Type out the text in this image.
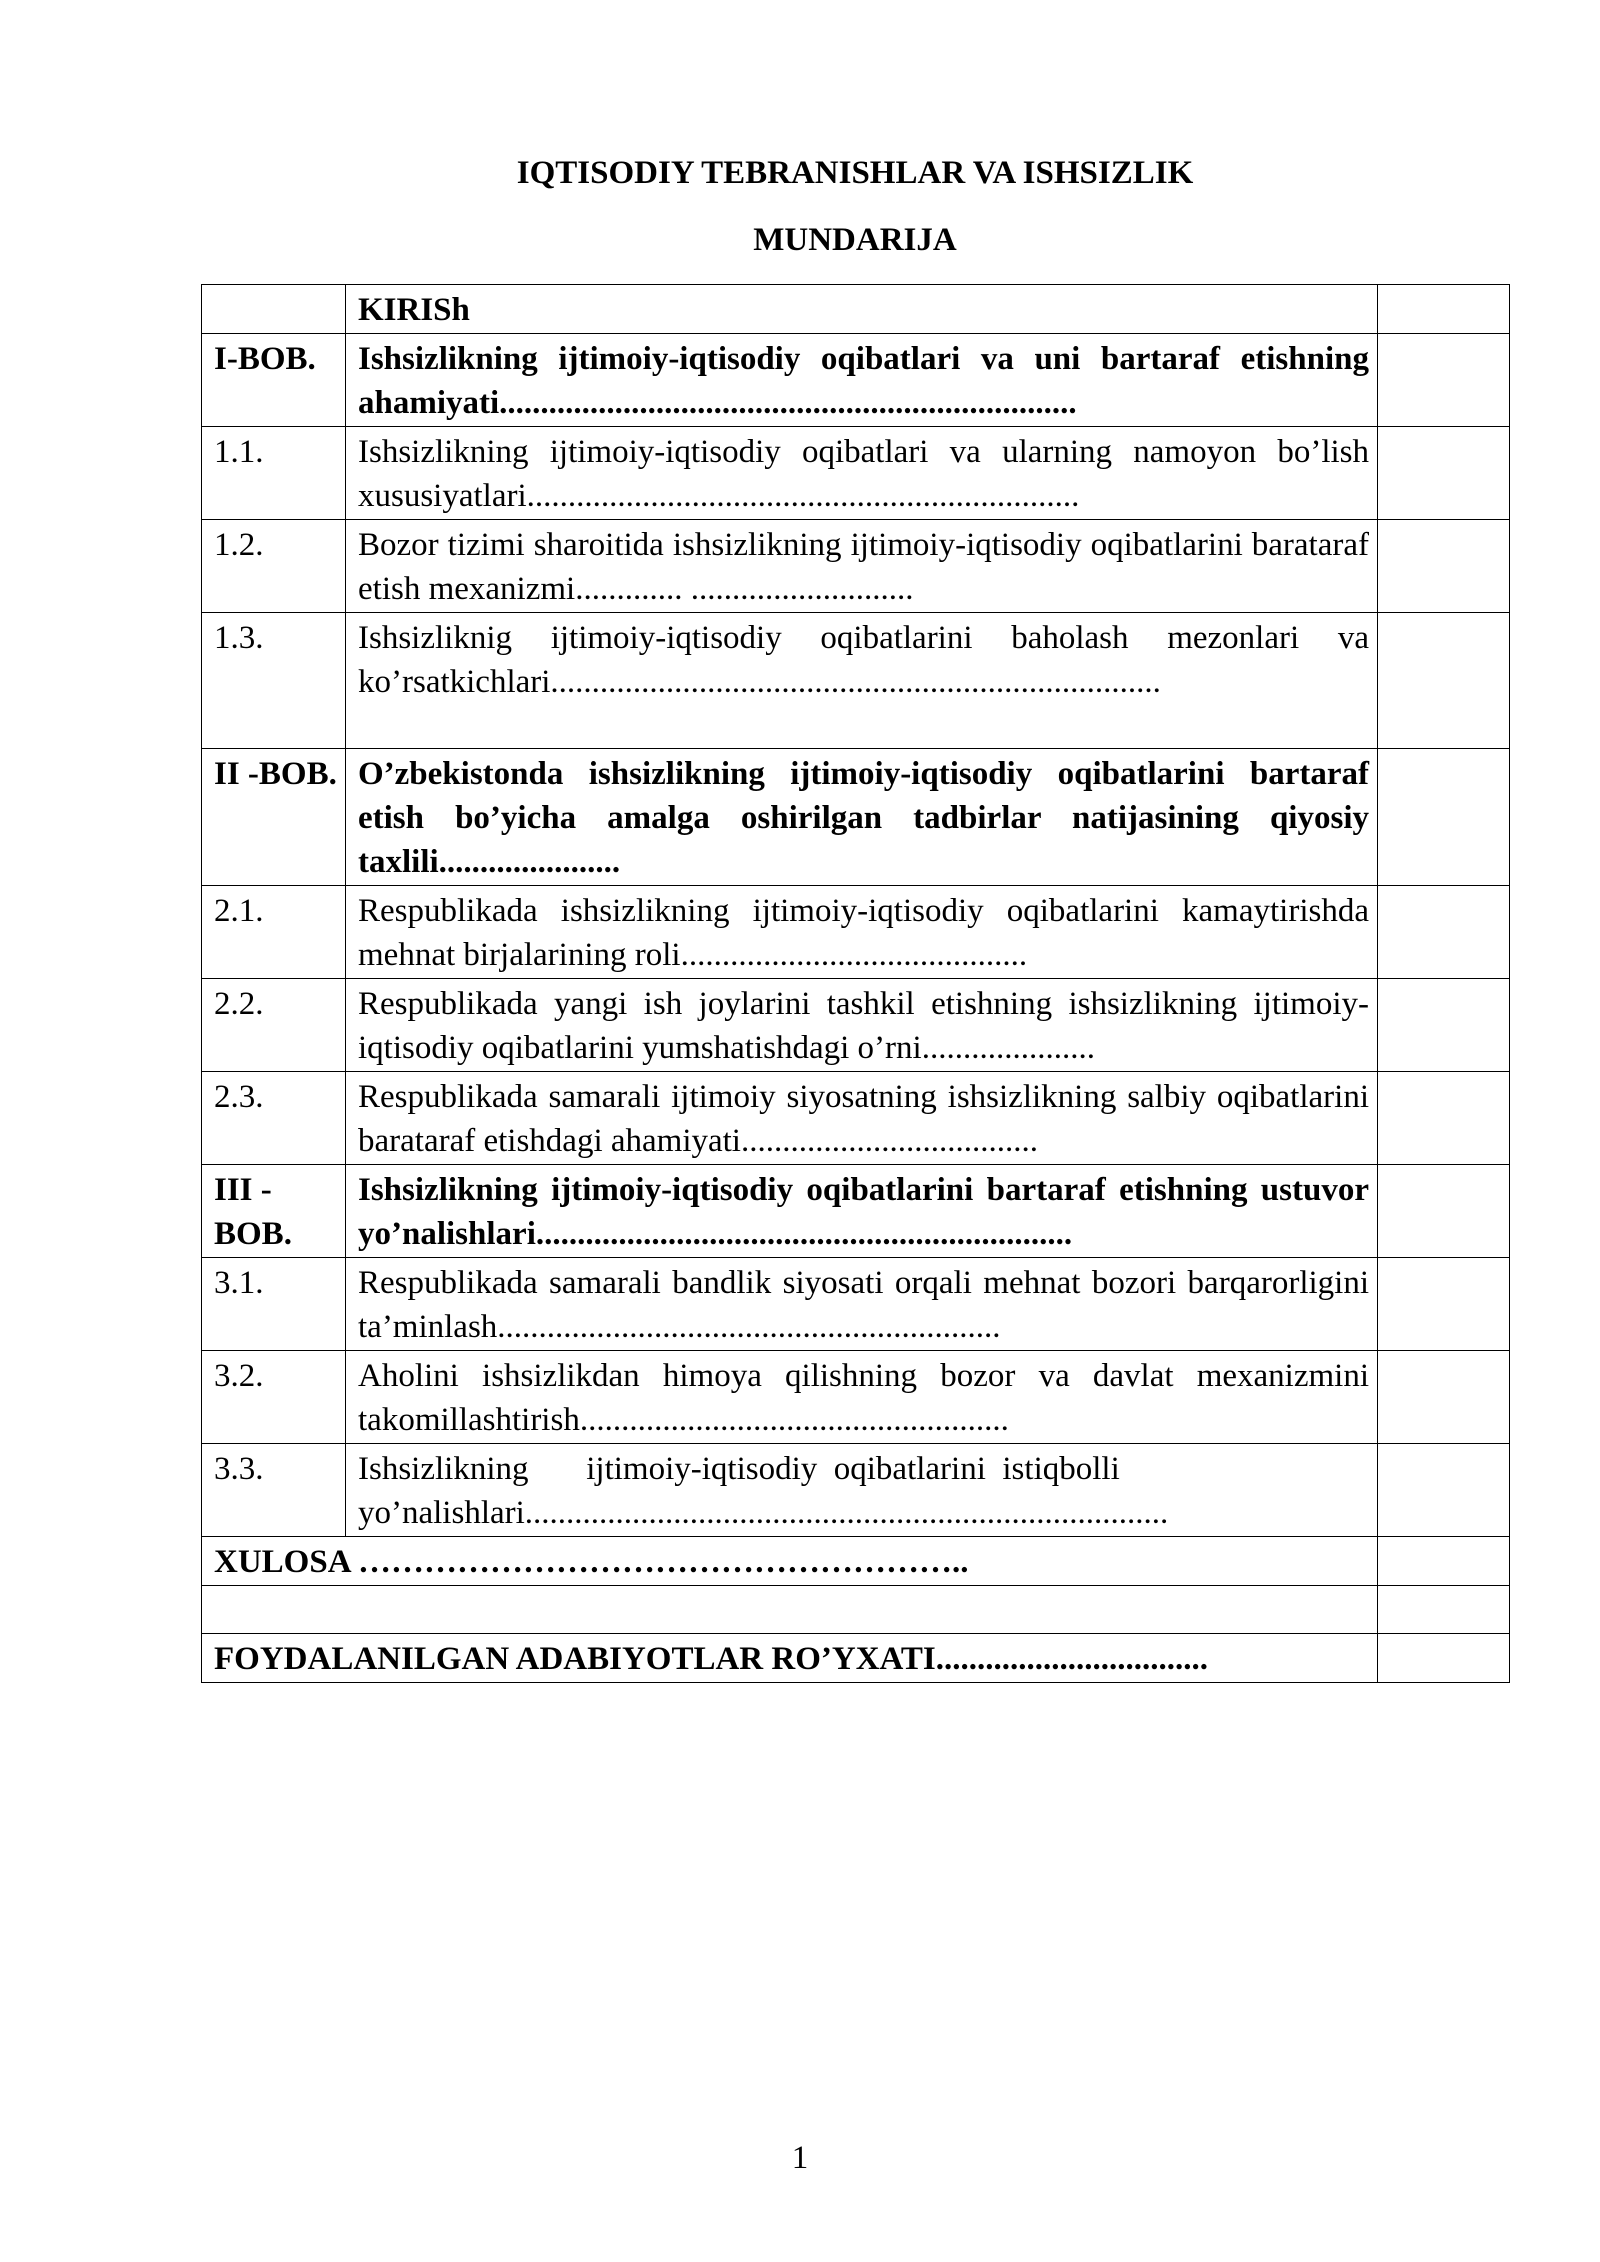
IQTISODIY TEBRANISHLAR VA ISHSIZLIK
MUNDARIJA
	KIRISh	
I-BOB.	Ishsizlikning ijtimoiy-iqtisodiy oqibatlari va uni bartaraf etishning ahamiyati......................................................................	
1.1.	Ishsizlikning ijtimoiy-iqtisodiy oqibatlari va ularning namoyon bo’lish xususiyatlari...................................................................	
1.2.	Bozor tizimi sharoitida ishsizlikning ijtimoiy-iqtisodiy oqibatlarini barataraf etish mexanizmi............. ...........................	
1.3.	Ishsizliknig ijtimoiy-iqtisodiy oqibatlarini baholash mezonlari va ko’rsatkichlari..........................................................................	
II -BOB.	O’zbekistonda ishsizlikning ijtimoiy-iqtisodiy oqibatlarini bartaraf etish bo’yicha amalga oshirilgan tadbirlar natijasining qiyosiy taxlili......................	
2.1.	Respublikada ishsizlikning ijtimoiy-iqtisodiy oqibatlarini kamaytirishda mehnat birjalarining roli..........................................	
2.2.	Respublikada yangi ish joylarini tashkil etishning ishsizlikning ijtimoiy-iqtisodiy oqibatlarini yumshatishdagi o’rni.....................	
2.3.	Respublikada samarali ijtimoiy siyosatning ishsizlikning salbiy oqibatlarini barataraf etishdagi ahamiyati....................................	
III -BOB.	Ishsizlikning ijtimoiy-iqtisodiy oqibatlarini bartaraf etishning ustuvor yo’nalishlari.................................................................	
3.1.	Respublikada samarali bandlik siyosati orqali mehnat bozori barqarorligini ta’minlash.............................................................	
3.2.	Aholini ishsizlikdan himoya qilishning bozor va davlat mexanizmini takomillashtirish....................................................	
3.3.	Ishsizlikning       ijtimoiy-iqtisodiy  oqibatlarini  istiqbolli yo’nalishlari..............................................................................	
XULOSA ………………………………………………..		

FOYDALANILGAN ADABIYOTLAR RO’YXATI.................................		
1
